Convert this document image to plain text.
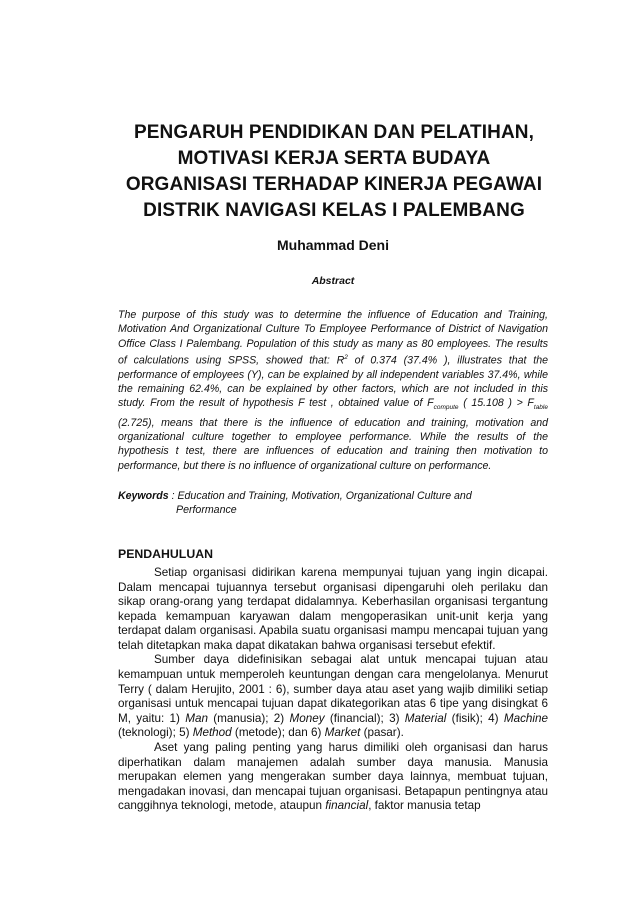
PENGARUH PENDIDIKAN DAN PELATIHAN,
MOTIVASI KERJA SERTA BUDAYA
ORGANISASI TERHADAP KINERJA PEGAWAI
DISTRIK NAVIGASI KELAS I PALEMBANG
Muhammad Deni
Abstract
The purpose of this study was to determine the influence of Education and Training, Motivation And Organizational Culture To Employee Performance of District of Navigation Office Class I Palembang. Population of this study as many as 80 employees. The results of calculations using SPSS, showed that: $R^2$ of 0.374 (37.4% ), illustrates that the performance of employees (Y), can be explained by all independent variables 37.4%, while the remaining 62.4%, can be explained by other factors, which are not included in this study. From the result of hypothesis F test , obtained value of $F_{compute}$ ( 15.108 ) > $F_{table}$ (2.725), means that there is the influence of education and training, motivation and organizational culture together to employee performance. While the results of the hypothesis t test, there are influences of education and training then motivation to performance, but there is no influence of organizational culture on performance.
Keywords : Education and Training, Motivation, Organizational Culture and
Performance
PENDAHULUAN

Setiap organisasi didirikan karena mempunyai tujuan yang ingin dicapai. Dalam mencapai tujuannya tersebut organisasi dipengaruhi oleh perilaku dan sikap orang-orang yang terdapat didalamnya. Keberhasilan organisasi tergantung kepada kemampuan karyawan dalam mengoperasikan unit-unit kerja yang terdapat dalam organisasi. Apabila suatu organisasi mampu mencapai tujuan yang telah ditetapkan maka dapat dikatakan bahwa organisasi tersebut efektif.

Sumber daya didefinisikan sebagai alat untuk mencapai tujuan atau kemampuan untuk memperoleh keuntungan dengan cara mengelolanya. Menurut Terry ( dalam Herujito, 2001 : 6), sumber daya atau aset yang wajib dimiliki setiap organisasi untuk mencapai tujuan dapat dikategorikan atas 6 tipe yang disingkat 6 M, yaitu: 1) Man (manusia); 2) Money (financial); 3) Material (fisik); 4) Machine (teknologi); 5) Method (metode); dan 6) Market (pasar).

Aset yang paling penting yang harus dimiliki oleh organisasi dan harus diperhatikan dalam manajemen adalah sumber daya manusia. Manusia merupakan elemen yang mengerakan sumber daya lainnya, membuat tujuan, mengadakan inovasi, dan mencapai tujuan organisasi. Betapapun pentingnya atau canggihnya teknologi, metode, ataupun financial, faktor manusia tetap
